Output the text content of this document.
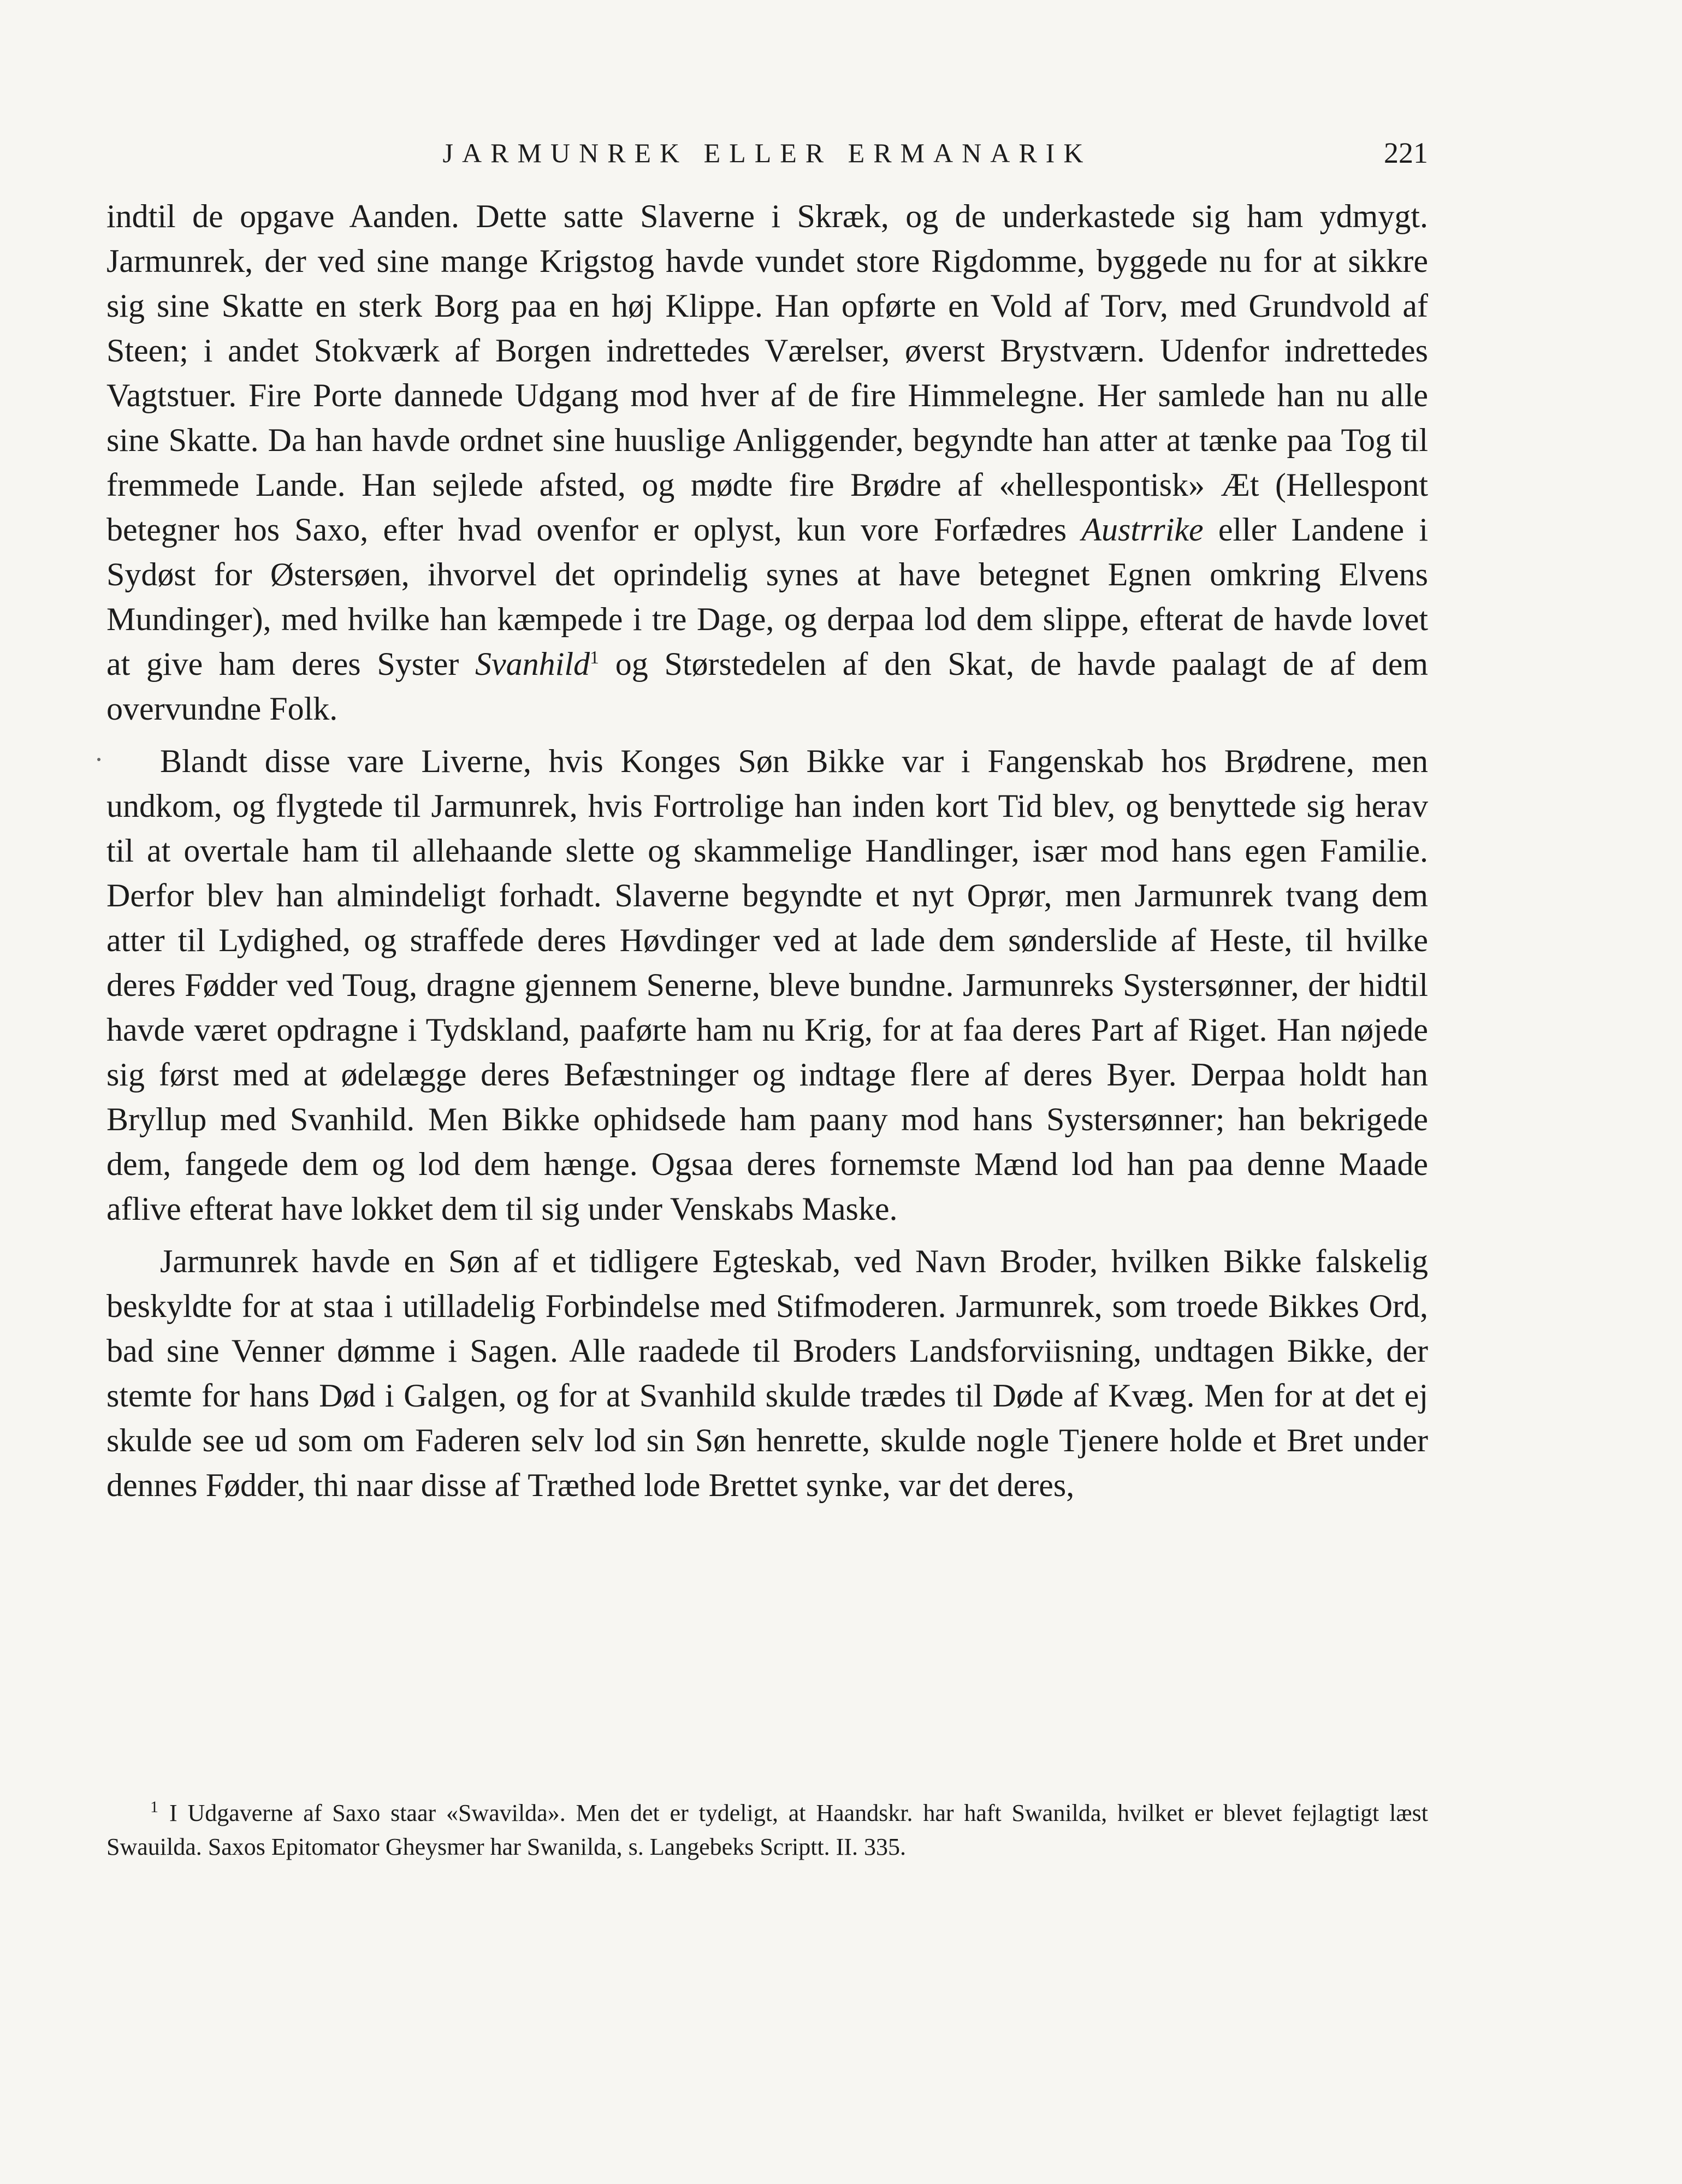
JARMUNREK ELLER ERMANARIK	221

indtil de opgave Aanden. Dette satte Slaverne i Skræk, og de underkastede sig ham ydmygt. Jarmunrek, der ved sine mange Krigstog havde vundet store Rigdomme, byggede nu for at sikkre sig sine Skatte en sterk Borg paa en høj Klippe. Han opførte en Vold af Torv, med Grundvold af Steen; i andet Stokværk af Borgen indrettedes Værelser, øverst Brystværn. Udenfor indrettedes Vagtstuer. Fire Porte dannede Udgang mod hver af de fire Himmelegne. Her samlede han nu alle sine Skatte. Da han havde ordnet sine huuslige Anliggender, begyndte han atter at tænke paa Tog til fremmede Lande. Han sejlede afsted, og mødte fire Brødre af «hellespontisk» Æt (Hellespont betegner hos Saxo, efter hvad ovenfor er oplyst, kun vore Forfædres Austrrike eller Landene i Sydøst for Østersøen, ihvorvel det oprindelig synes at have betegnet Egnen omkring Elvens Mundinger), med hvilke han kæmpede i tre Dage, og derpaa lod dem slippe, efterat de havde lovet at give ham deres Syster Svanhild$^1$ og Størstedelen af den Skat, de havde paalagt de af dem overvundne Folk.

Blandt disse vare Liverne, hvis Konges Søn Bikke var i Fangenskab hos Brødrene, men undkom, og flygtede til Jarmunrek, hvis Fortrolige han inden kort Tid blev, og benyttede sig herav til at overtale ham til allehaande slette og skammelige Handlinger, især mod hans egen Familie. Derfor blev han almindeligt forhadt. Slaverne begyndte et nyt Oprør, men Jarmunrek tvang dem atter til Lydighed, og straffede deres Høvdinger ved at lade dem sønderslide af Heste, til hvilke deres Fødder ved Toug, dragne gjennem Senerne, bleve bundne. Jarmunreks Systersønner, der hidtil havde været opdragne i Tydskland, paaførte ham nu Krig, for at faa deres Part af Riget. Han nøjede sig først med at ødelægge deres Befæstninger og indtage flere af deres Byer. Derpaa holdt han Bryllup med Svanhild. Men Bikke ophidsede ham paany mod hans Systersønner; han bekrigede dem, fangede dem og lod dem hænge. Ogsaa deres fornemste Mænd lod han paa denne Maade aflive efterat have lokket dem til sig under Venskabs Maske.

Jarmunrek havde en Søn af et tidligere Egteskab, ved Navn Broder, hvilken Bikke falskelig beskyldte for at staa i utilladelig Forbindelse med Stifmoderen. Jarmunrek, som troede Bikkes Ord, bad sine Venner dømme i Sagen. Alle raadede til Broders Landsforviisning, undtagen Bikke, der stemte for hans Død i Galgen, og for at Svanhild skulde trædes til Døde af Kvæg. Men for at det ej skulde see ud som om Faderen selv lod sin Søn henrette, skulde nogle Tjenere holde et Bret under dennes Fødder, thi naar disse af Træthed lode Brettet synke, var det deres,

$^1$ I Udgaverne af Saxo staar «Swavilda». Men det er tydeligt, at Haandskr. har haft Swanilda, hvilket er blevet fejlagtigt læst Swauilda. Saxos Epitomator Gheysmer har Swanilda, s. Langebeks Scriptt. II. 335.
